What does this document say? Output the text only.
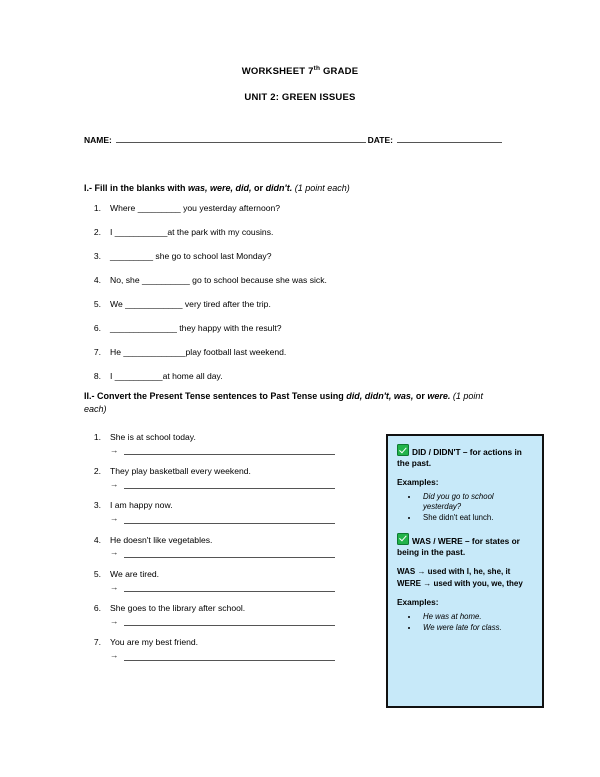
WORKSHEET 7th GRADE
UNIT 2: GREEN ISSUES
NAME:	DATE:
I.- Fill in the blanks with was, were, did, or didn't. (1 point each)
1.	Where _________ you yesterday afternoon?
2.	I ___________at the park with my cousins.
3.	_________ she go to school last Monday?
4.	No, she __________ go to school because she was sick.
5.	We ____________ very tired after the trip.
6.	______________ they happy with the result?
7.	He _____________play football last weekend.
8.	I __________at home all day.
II.- Convert the Present Tense sentences to Past Tense using did, didn't, was, or were. (1 point each)
1.	She is at school today.
→
2.	They play basketball every weekend.
→
3.	I am happy now.
→
4.	He doesn't like vegetables.
→
5.	We are tired.
→
6.	She goes to the library after school.
→
7.	You are my best friend.
→
DID / DIDN'T – for actions in the past.
Examples:
• Did you go to school yesterday?
• She didn't eat lunch.
WAS / WERE – for states or being in the past.
WAS → used with I, he, she, it
WERE → used with you, we, they
Examples:
• He was at home.
• We were late for class.
